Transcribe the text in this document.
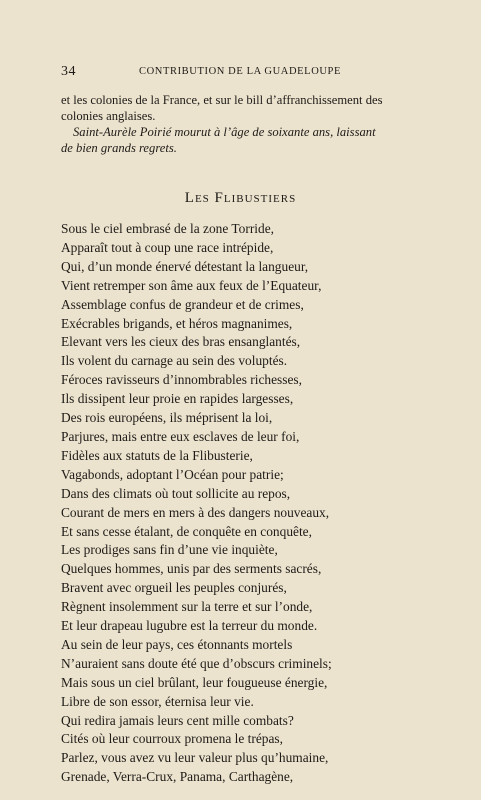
34	CONTRIBUTION DE LA GUADELOUPE

et les colonies de la France, et sur le bill d’affranchissement des
colonies anglaises.

Saint-Aurèle Poirié mourut à l’âge de soixante ans, laissant
de bien grands regrets.

Les Flibustiers
Sous le ciel embrasé de la zone Torride,
Apparaît tout à coup une race intrépide,
Qui, d’un monde énervé détestant la langueur,
Vient retremper son âme aux feux de l’Equateur,
Assemblage confus de grandeur et de crimes,
Exécrables brigands, et héros magnanimes,
Elevant vers les cieux des bras ensanglantés,
Ils volent du carnage au sein des voluptés.
Féroces ravisseurs d’innombrables richesses,
Ils dissipent leur proie en rapides largesses,
Des rois européens, ils méprisent la loi,
Parjures, mais entre eux esclaves de leur foi,
Fidèles aux statuts de la Flibusterie,
Vagabonds, adoptant l’Océan pour patrie;
Dans des climats où tout sollicite au repos,
Courant de mers en mers à des dangers nouveaux,
Et sans cesse étalant, de conquête en conquête,
Les prodiges sans fin d’une vie inquiète,
Quelques hommes, unis par des serments sacrés,
Bravent avec orgueil les peuples conjurés,
Règnent insolemment sur la terre et sur l’onde,
Et leur drapeau lugubre est la terreur du monde.
Au sein de leur pays, ces étonnants mortels
N’auraient sans doute été que d’obscurs criminels;
Mais sous un ciel brûlant, leur fougueuse énergie,
Libre de son essor, éternisa leur vie.
Qui redira jamais leurs cent mille combats?
Cités où leur courroux promena le trépas,
Parlez, vous avez vu leur valeur plus qu’humaine,
Grenade, Verra-Crux, Panama, Carthagène,
